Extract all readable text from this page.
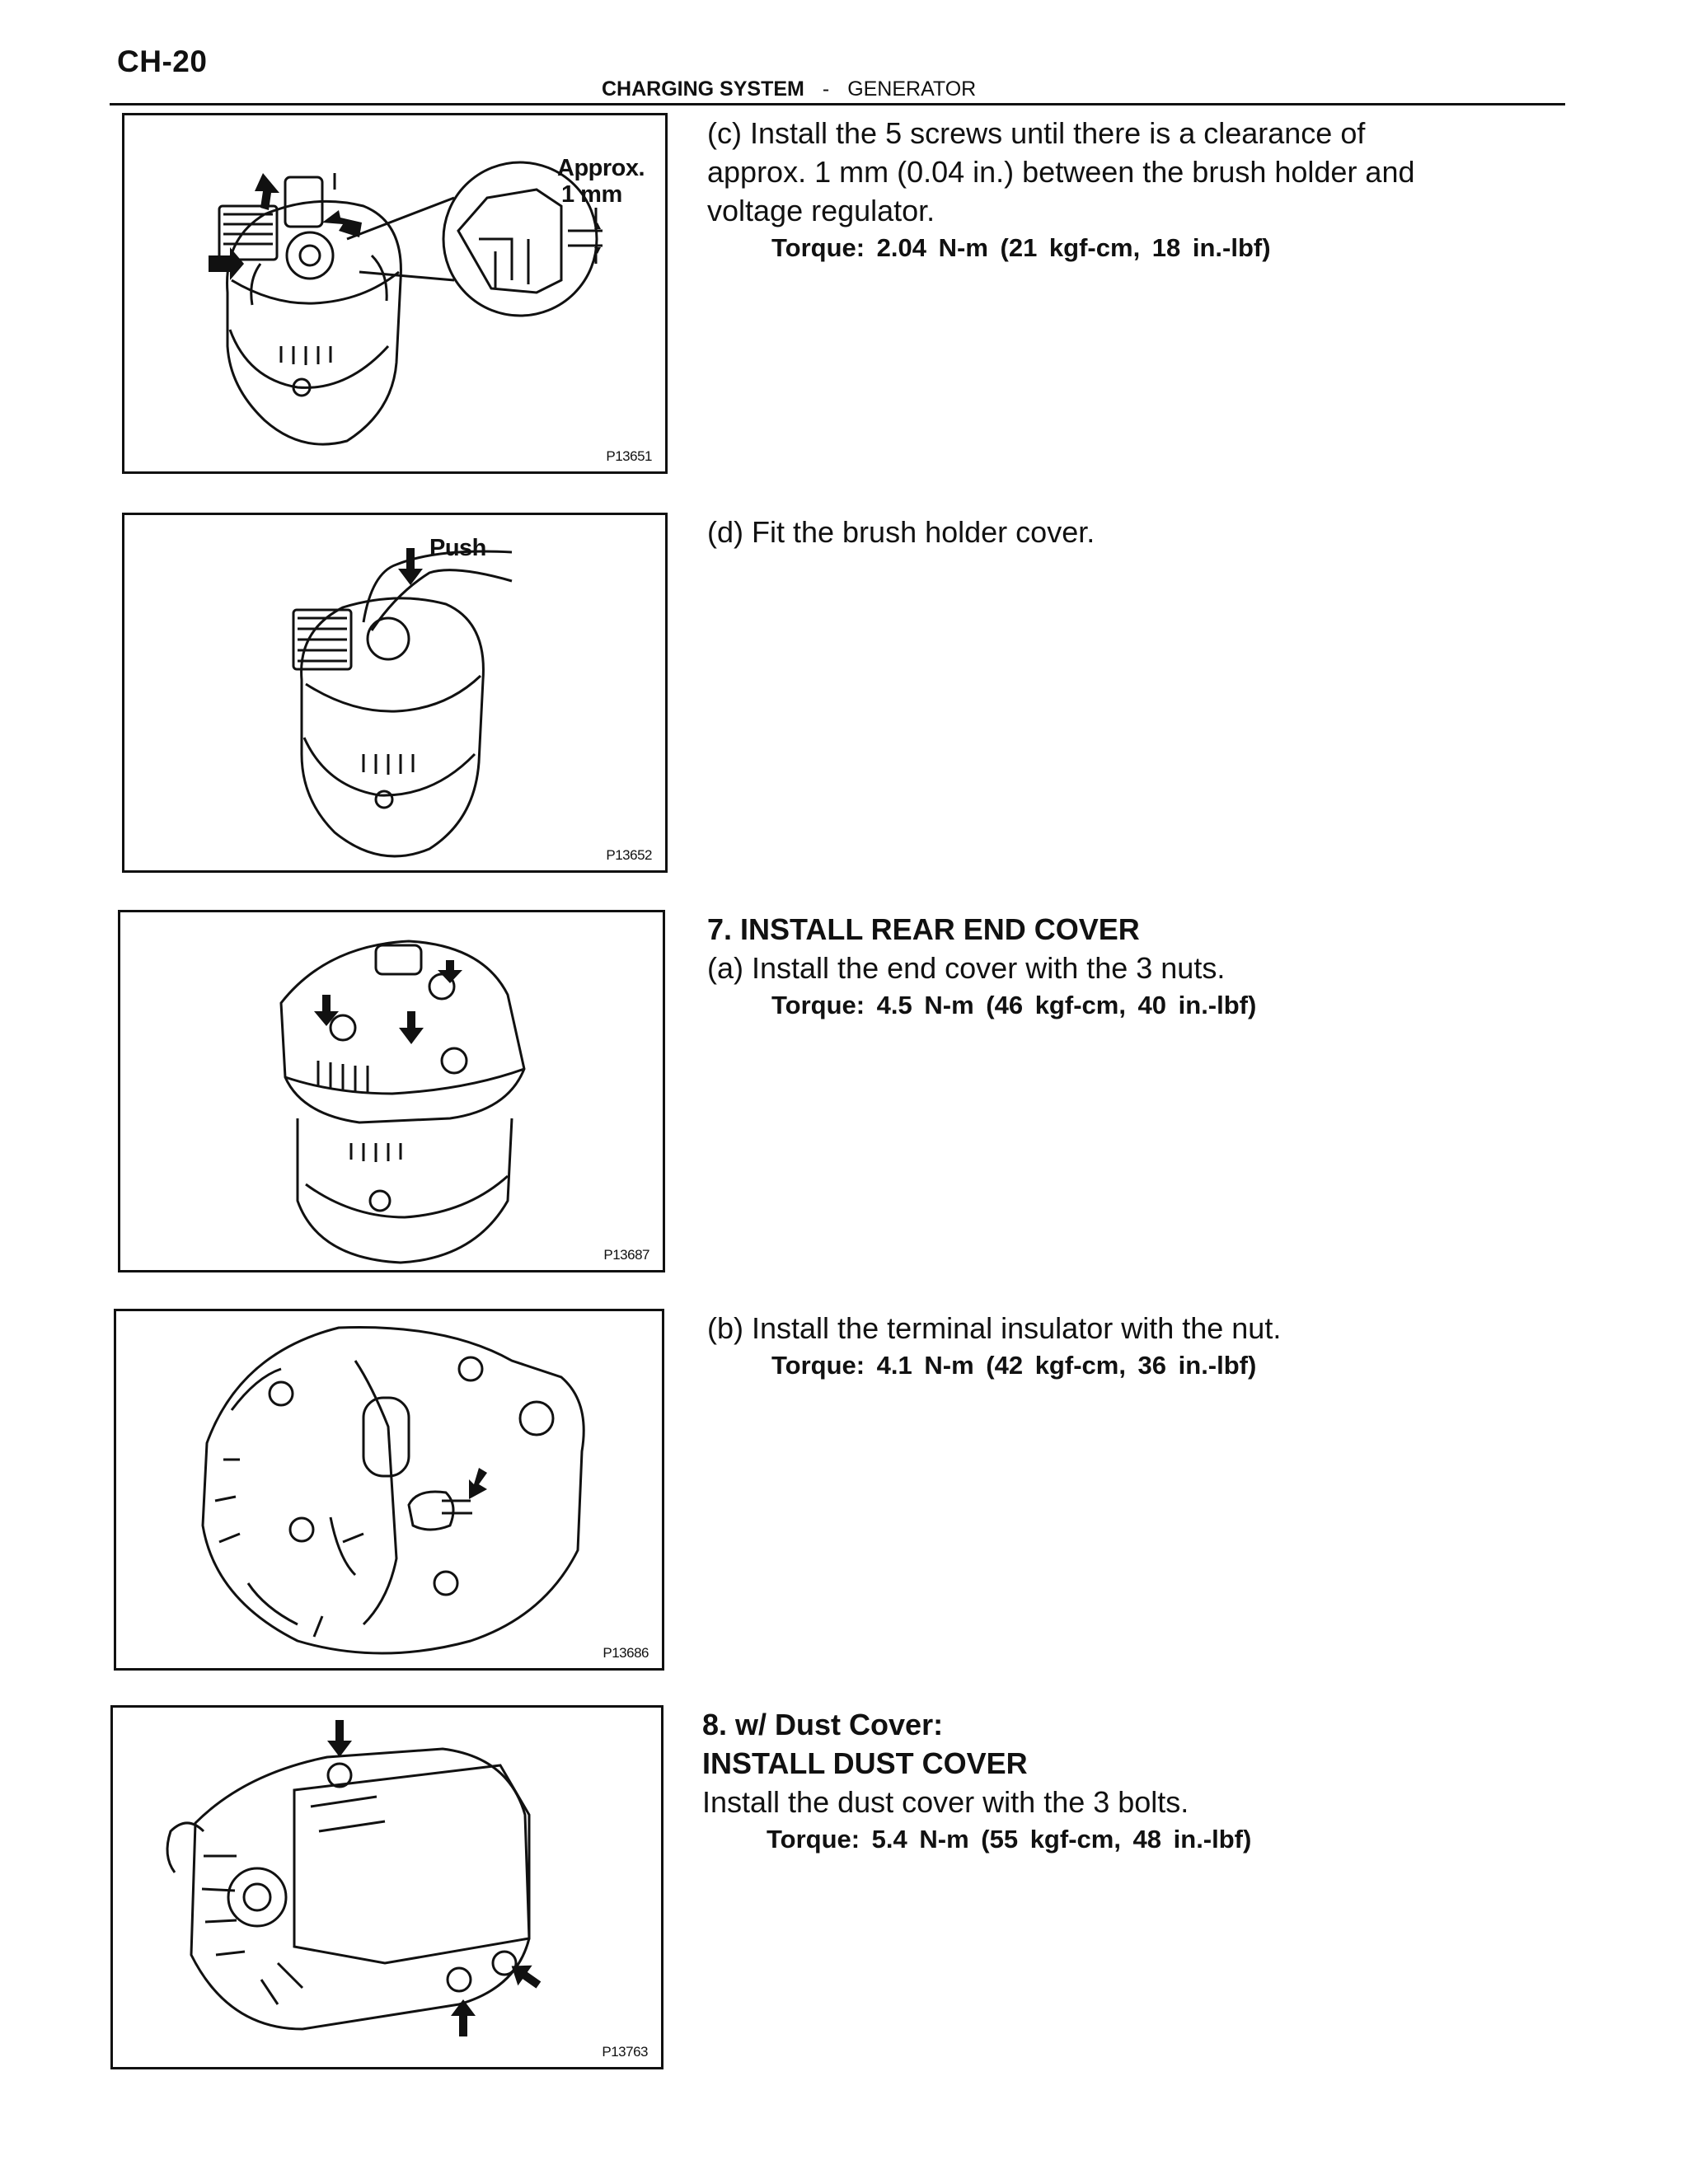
CH-20
CHARGING SYSTEM - GENERATOR
Approx.
1 mm
P13651

(c) Install the 5 screws until there is a clearance of

approx. 1 mm (0.04 in.) between the brush holder and

voltage regulator.

Torque: 2.04 N-m (21 kgf-cm, 18 in.-lbf)

Push
P13652

(d) Fit the brush holder cover.

P13687

7. INSTALL REAR END COVER

(a) Install the end cover with the 3 nuts.

Torque: 4.5 N-m (46 kgf-cm, 40 in.-lbf)

P13686

(b) Install the terminal insulator with the nut.

Torque: 4.1 N-m (42 kgf-cm, 36 in.-lbf)

P13763

8. w/ Dust Cover:

INSTALL DUST COVER

Install the dust cover with the 3 bolts.

Torque: 5.4 N-m (55 kgf-cm, 48 in.-lbf)
